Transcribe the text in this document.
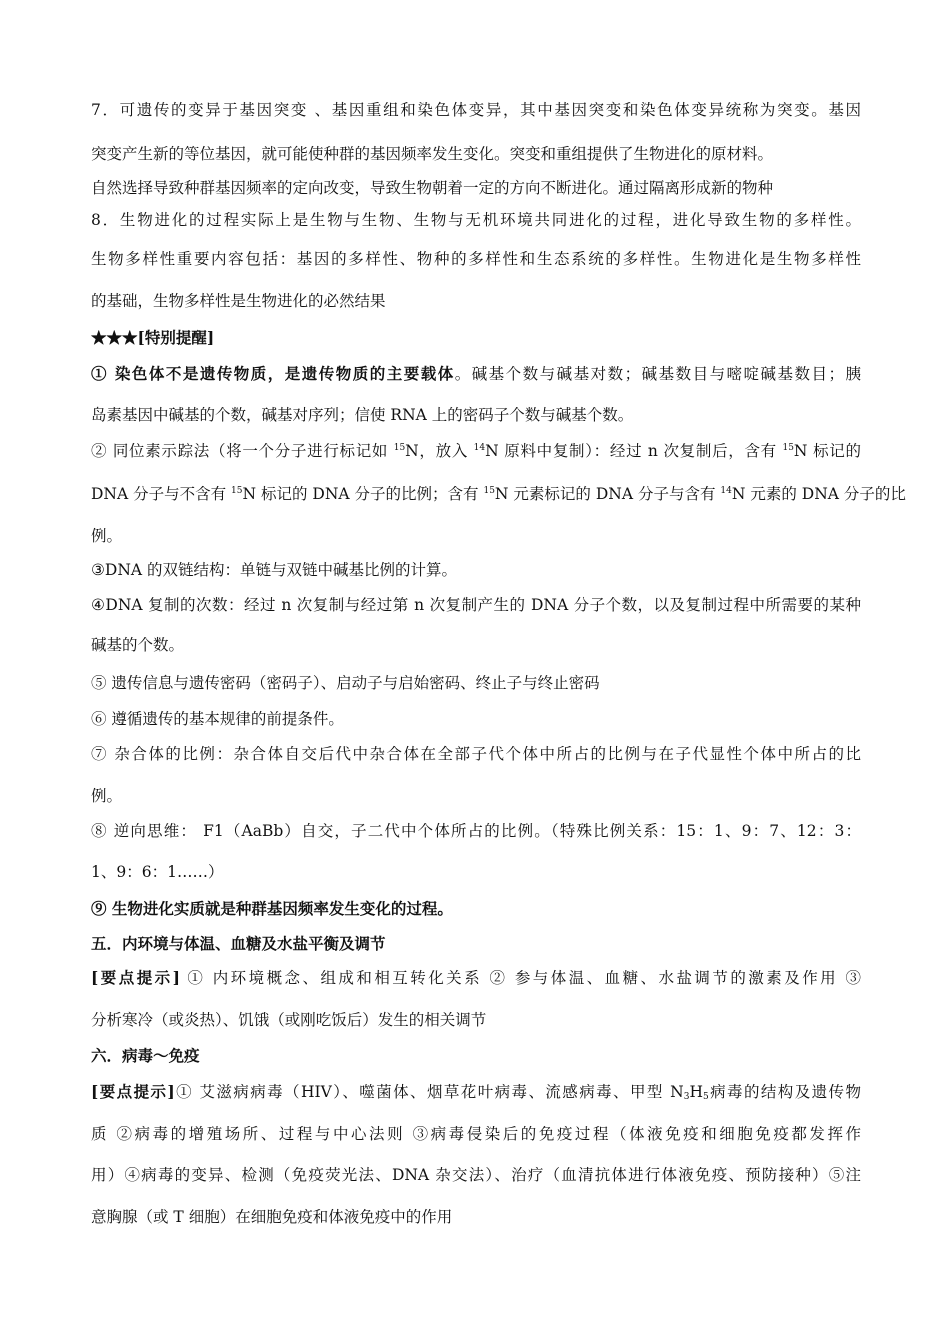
7．可遗传的变异于基因突变 、基因重组和染色体变异，其中基因突变和染色体变异统称为突变。基因
突变产生新的等位基因，就可能使种群的基因频率发生变化。突变和重组提供了生物进化的原材料。
自然选择导致种群基因频率的定向改变，导致生物朝着一定的方向不断进化。通过隔离形成新的物种
8．生物进化的过程实际上是生物与生物、生物与无机环境共同进化的过程，进化导致生物的多样性。
生物多样性重要内容包括：基因的多样性、物种的多样性和生态系统的多样性。生物进化是生物多样性
的基础，生物多样性是生物进化的必然结果
★★★[特别提醒]
① 染色体不是遗传物质，是遗传物质的主要载体。碱基个数与碱基对数；碱基数目与嘧啶碱基数目；胰
岛素基因中碱基的个数，碱基对序列；信使 RNA 上的密码子个数与碱基个数。
② 同位素示踪法（将一个分子进行标记如 $^{15}$N，放入 $^{14}$N 原料中复制）：经过 n 次复制后，含有 $^{15}$N 标记的
DNA 分子与不含有 $^{15}$N 标记的 DNA 分子的比例；含有 $^{15}$N 元素标记的 DNA 分子与含有 $^{14}$N 元素的 DNA 分子的比
例。
③DNA 的双链结构：单链与双链中碱基比例的计算。
④DNA 复制的次数：经过 n 次复制与经过第 n 次复制产生的 DNA 分子个数，以及复制过程中所需要的某种
碱基的个数。
⑤ 遗传信息与遗传密码（密码子）、启动子与启始密码、终止子与终止密码
⑥ 遵循遗传的基本规律的前提条件。
⑦ 杂合体的比例：杂合体自交后代中杂合体在全部子代个体中所占的比例与在子代显性个体中所占的比
例。
⑧ 逆向思维： F1（AaBb）自交，子二代中个体所占的比例。（特殊比例关系：15：1、9：7、12：3：
1、9：6：1……）
⑨ 生物进化实质就是种群基因频率发生变化的过程。
五．内环境与体温、血糖及水盐平衡及调节
[要点提示] ① 内环境概念、组成和相互转化关系 ② 参与体温、血糖、水盐调节的激素及作用 ③
分析寒冷（或炎热）、饥饿（或刚吃饭后）发生的相关调节
六．病毒～免疫
[要点提示]① 艾滋病病毒（HIV）、噬菌体、烟草花叶病毒、流感病毒、甲型 $N_3H_5$病毒的结构及遗传物
质 ②病毒的增殖场所、过程与中心法则 ③病毒侵染后的免疫过程（体液免疫和细胞免疫都发挥作
用）④病毒的变异、检测（免疫荧光法、DNA 杂交法）、治疗（血清抗体进行体液免疫、预防接种）⑤注
意胸腺（或 T 细胞）在细胞免疫和体液免疫中的作用
